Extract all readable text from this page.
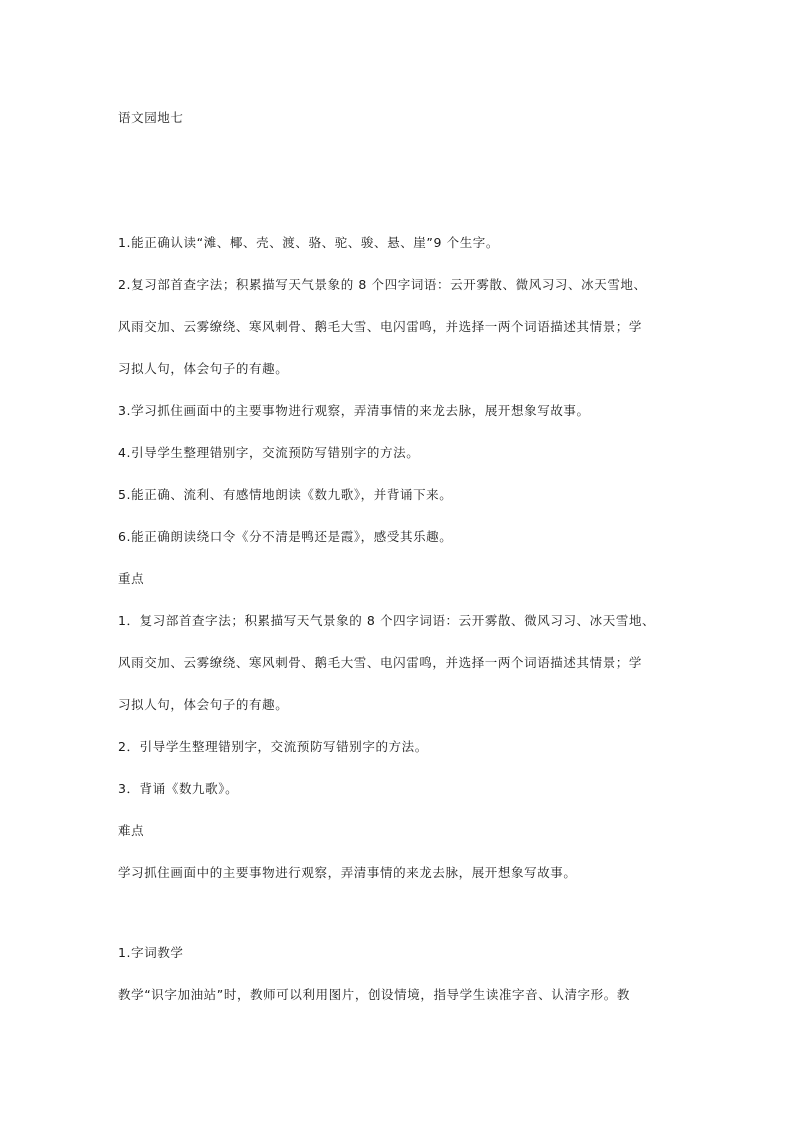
语文园地七
1.能正确认读“滩、椰、壳、渡、骆、驼、骏、悬、崖”9 个生字。
2.复习部首查字法；积累描写天气景象的 8 个四字词语：云开雾散、微风习习、冰天雪地、
风雨交加、云雾缭绕、寒风刺骨、鹅毛大雪、电闪雷鸣，并选择一两个词语描述其情景；学
习拟人句，体会句子的有趣。
3.学习抓住画面中的主要事物进行观察，弄清事情的来龙去脉，展开想象写故事。
4.引导学生整理错别字，交流预防写错别字的方法。
5.能正确、流利、有感情地朗读《数九歌》，并背诵下来。
6.能正确朗读绕口令《分不清是鸭还是霞》，感受其乐趣。
重点
1．复习部首查字法；积累描写天气景象的 8 个四字词语：云开雾散、微风习习、冰天雪地、
风雨交加、云雾缭绕、寒风刺骨、鹅毛大雪、电闪雷鸣，并选择一两个词语描述其情景；学
习拟人句，体会句子的有趣。
2．引导学生整理错别字，交流预防写错别字的方法。
3．背诵《数九歌》。
难点
学习抓住画面中的主要事物进行观察，弄清事情的来龙去脉，展开想象写故事。
1.字词教学
教学“识字加油站”时，教师可以利用图片，创设情境，指导学生读准字音、认清字形。教
